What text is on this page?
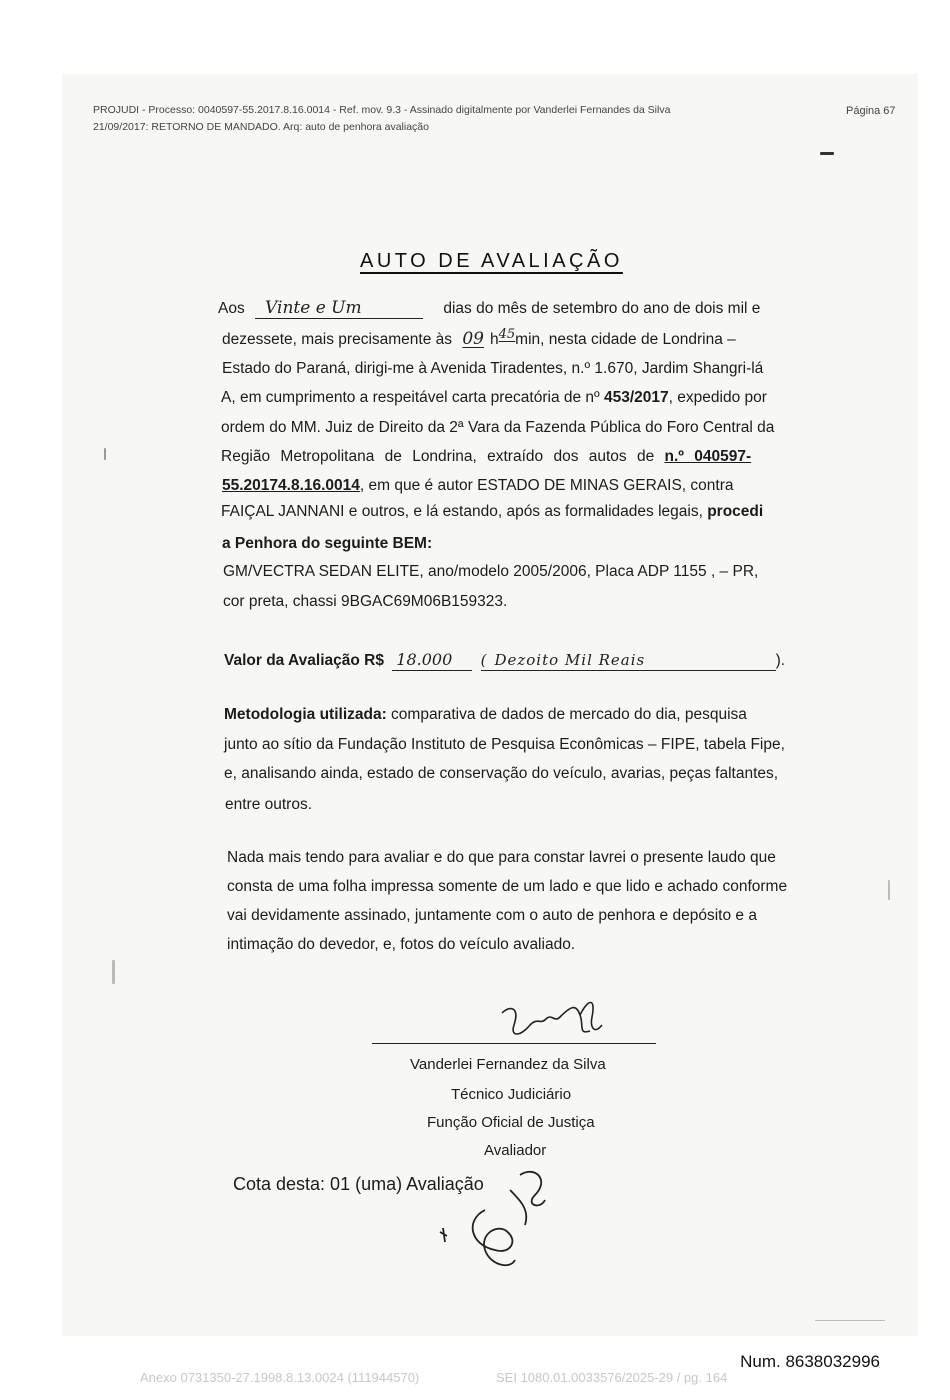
PROJUDI - Processo: 0040597-55.2017.8.16.0014 - Ref. mov. 9.3 - Assinado digitalmente por Vanderlei Fernandes da Silva
21/09/2017: RETORNO DE MANDADO. Arq: auto de penhora avaliação
Página 67
AUTO DE AVALIAÇÃO
Aos Vinte e Um	dias do mês de setembro do ano de dois mil e
dezessete, mais precisamente às 09 $h^{45}\min$, nesta cidade de Londrina –
Estado do Paraná, dirigi-me à Avenida Tiradentes, n.º 1.670, Jardim Shangri-lá
A, em cumprimento a respeitável carta precatória de nº 453/2017, expedido por
ordem do MM. Juiz de Direito da 2ª Vara da Fazenda Pública do Foro Central da
Região Metropolitana de Londrina, extraído dos autos de n.º 040597-
55.20174.8.16.0014, em que é autor ESTADO DE MINAS GERAIS, contra
FAIÇAL JANNANI e outros, e lá estando, após as formalidades legais, procedi
a Penhora do seguinte BEM:
GM/VECTRA SEDAN ELITE, ano/modelo 2005/2006, Placa ADP 1155 , – PR,
cor preta, chassi 9BGAC69M06B159323.
Valor da Avaliação R$ 18.000 ( Dezoito Mil Reais	).
Metodologia utilizada: comparativa de dados de mercado do dia, pesquisa
junto ao sítio da Fundação Instituto de Pesquisa Econômicas – FIPE, tabela Fipe,
e, analisando ainda, estado de conservação do veículo, avarias, peças faltantes,
entre outros.
Nada mais tendo para avaliar e do que para constar lavrei o presente laudo que
consta de uma folha impressa somente de um lado e que lido e achado conforme
vai devidamente assinado, juntamente com o auto de penhora e depósito e a
intimação do devedor, e, fotos do veículo avaliado.
Vanderlei Fernandez da Silva
Técnico Judiciário
Função Oficial de Justiça
Avaliador
Cota desta: 01 (uma) Avaliação
Num. 8638032996
Anexo 0731350-27.1998.8.13.0024 (111944570)	SEI 1080.01.0033576/2025-29 / pg. 164
